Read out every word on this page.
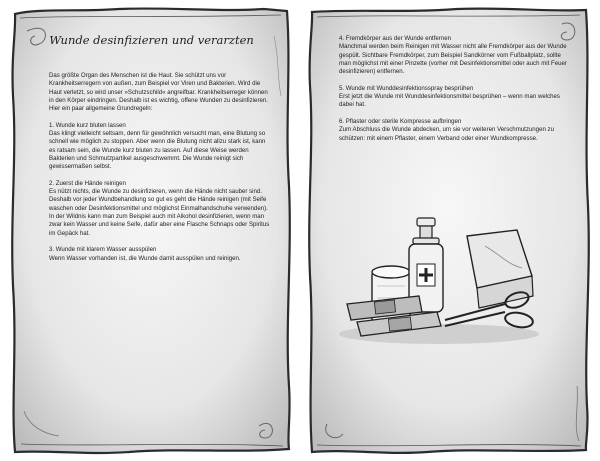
Wunde desinfizieren und verarzten

Das größte Organ des Menschen ist die Haut. Sie schützt uns vor Krankheitserregern von außen, zum Beispiel vor Viren und Bakterien. Wird die Haut verletzt, so wird unser »Schutzschild« angreifbar. Krankheitserreger können in den Körper eindringen. Deshalb ist es wichtig, offene Wunden zu desinfizieren. Hier ein paar allgemeine Grundregeln:

1. Wunde kurz bluten lassen
Das klingt vielleicht seltsam, denn für gewöhnlich versucht man, eine Blutung so schnell wie möglich zu stoppen. Aber wenn die Blutung nicht allzu stark ist, kann es ratsam sein, die Wunde kurz bluten zu lassen. Auf diese Weise werden Bakterien und Schmutzpartikel ausgeschwemmt. Die Wunde reinigt sich gewissermaßen selbst.
2. Zuerst die Hände reinigen
Es nützt nichts, die Wunde zu desinfizieren, wenn die Hände nicht sauber sind. Deshalb vor jeder Wundbehandlung so gut es geht die Hände reinigen (mit Seife waschen oder Desinfektionsmittel und möglichst Einmalhandschuhe verwenden). In der Wildnis kann man zum Beispiel auch mit Alkohol desinfizieren, wenn man zwar kein Wasser und keine Seife, dafür aber eine Flasche Schnaps oder Spiritus im Gepäck hat.
3. Wunde mit klarem Wasser ausspülen
Wenn Wasser vorhanden ist, die Wunde damit ausspülen und reinigen.
4. Fremdkörper aus der Wunde entfernen
Manchmal werden beim Reinigen mit Wasser nicht alle Fremdkörper aus der Wunde gespült. Sichtbare Fremdkörper, zum Beispiel Sandkörner vom Fußballplatz, sollte man möglichst mit einer Pinzette (vorher mit Desinfektionsmittel oder auch mit Feuer desinfizieren) entfernen.
5. Wunde mit Wunddesinfektionsspray besprühen
Erst jetzt die Wunde mit Wunddesinfektionsmittel besprühen – wenn man welches dabei hat.
6. Pflaster oder sterile Kompresse aufbringen
Zum Abschluss die Wunde abdecken, um sie vor weiteren Verschmutzungen zu schützen: mit einem Pflaster, einem Verband oder einer Wundkompresse.
